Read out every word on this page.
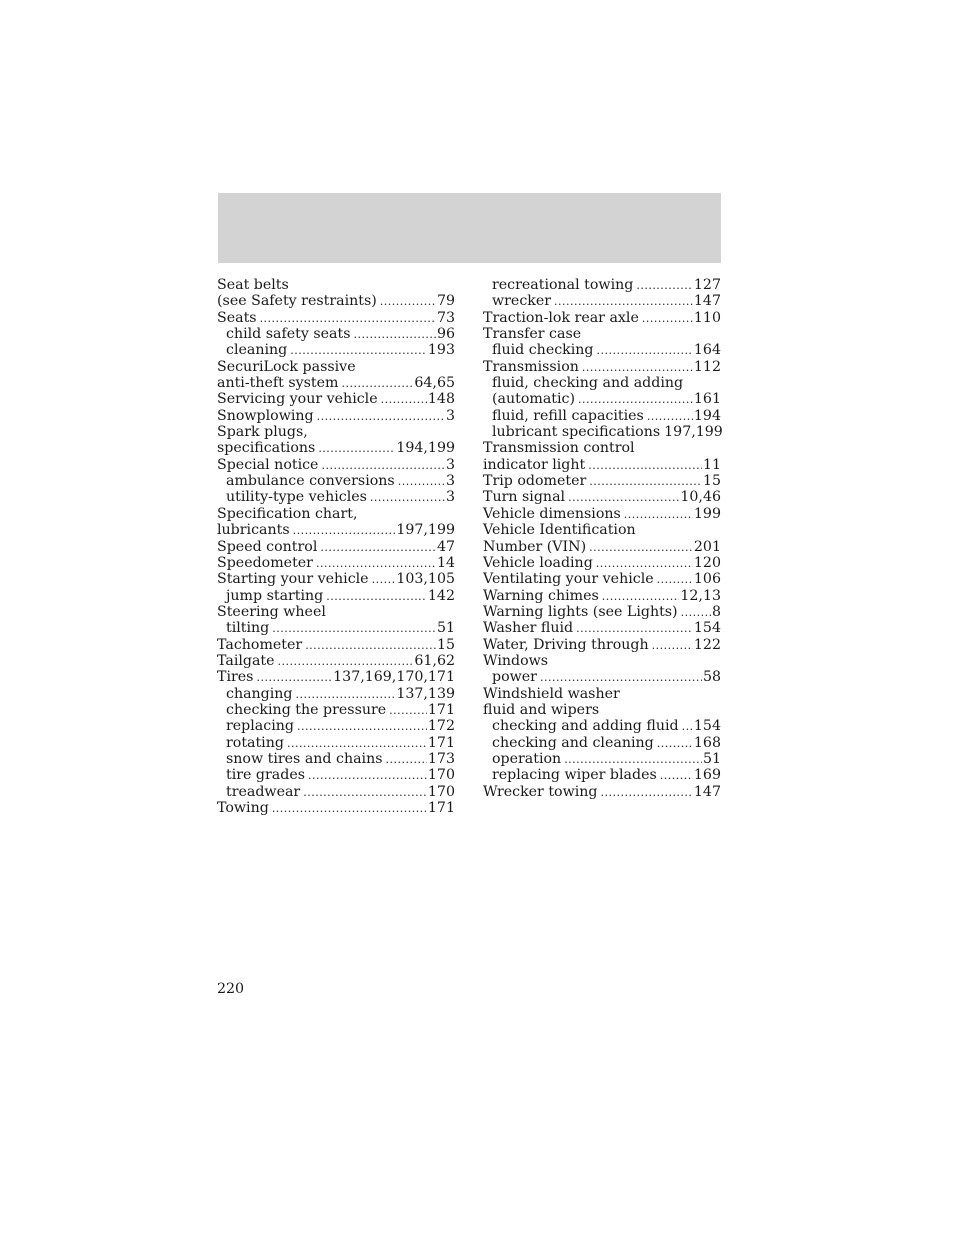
Seat belts
(see Safety restraints) .....	79
Seats .....	73
child safety seats .....	96
cleaning .....	193
SecuriLock passive
anti-theft system .....	64,65
Servicing your vehicle .....	148
Snowplowing .....	3
Spark plugs,
specifications .....	194,199
Special notice .....	3
ambulance conversions .....	3
utility-type vehicles .....	3
Specification chart,
lubricants .....	197,199
Speed control .....	47
Speedometer .....	14
Starting your vehicle ..... 103,105
jump starting .....	142
Steering wheel
tilting .....	51
Tachometer .....	15
Tailgate .....	61,62
Tires .....	137,169,170,171
changing .....	137,139
checking the pressure .....	171
replacing .....	172
rotating .....	171
snow tires and chains .....	173
tire grades .....	170
treadwear .....	170
Towing .....	171
recreational towing .....	127
wrecker .....	147
Traction-lok rear axle .....	110
Transfer case
fluid checking .....	164
Transmission .....	112
fluid, checking and adding
(automatic) .....	161
fluid, refill capacities .....	194
lubricant specifications 197,199
Transmission control
indicator light .....	11
Trip odometer .....	15
Turn signal .....	10,46
Vehicle dimensions .....	199
Vehicle Identification
Number (VIN) .....	201
Vehicle loading .....	120
Ventilating your vehicle .....	106
Warning chimes .....	12,13
Warning lights (see Lights) ..... 8
Washer fluid .....	154
Water, Driving through .....	122
Windows
power .....	58
Windshield washer
fluid and wipers
checking and adding fluid ..... 154
checking and cleaning .....	168
operation .....	51
replacing wiper blades .....	169
Wrecker towing .....	147
220
